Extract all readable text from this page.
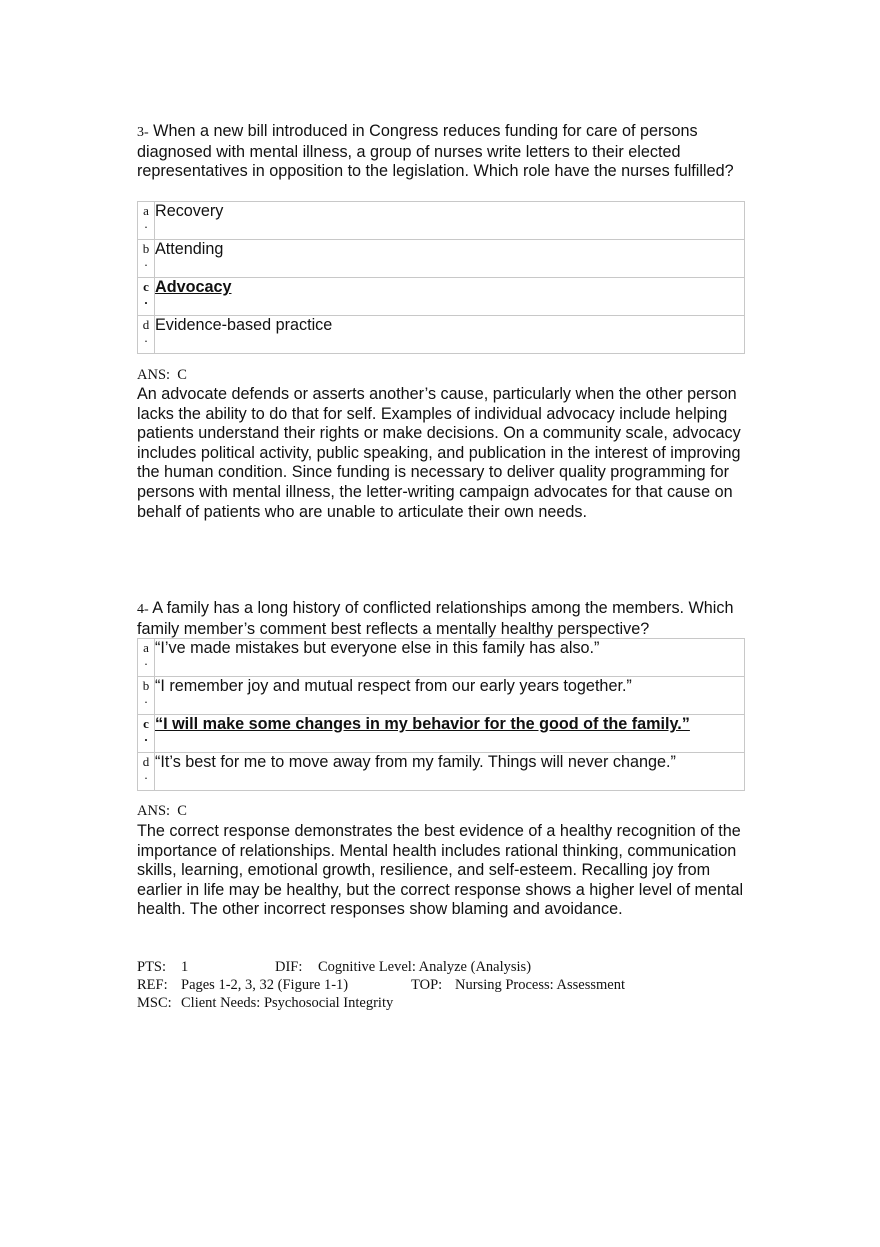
3- When a new bill introduced in Congress reduces funding for care of persons diagnosed with mental illness, a group of nurses write letters to their elected representatives in opposition to the legislation. Which role have the nurses fulfilled?
a
.	Recovery
b
.	Attending
c
.	Advocacy
d
.	Evidence-based practice
ANS: C
An advocate defends or asserts another’s cause, particularly when the other person lacks the ability to do that for self. Examples of individual advocacy include helping patients understand their rights or make decisions. On a community scale, advocacy includes political activity, public speaking, and publication in the interest of improving the human condition. Since funding is necessary to deliver quality programming for persons with mental illness, the letter-writing campaign advocates for that cause on behalf of patients who are unable to articulate their own needs.
4- A family has a long history of conflicted relationships among the members. Which family member’s comment best reflects a mentally healthy perspective?
a
.	“I’ve made mistakes but everyone else in this family has also.”
b
.	“I remember joy and mutual respect from our early years together.”
c
.	“I will make some changes in my behavior for the good of the family.”
d
.	“It’s best for me to move away from my family. Things will never change.”
ANS: C
The correct response demonstrates the best evidence of a healthy recognition of the importance of relationships. Mental health includes rational thinking, communication skills, learning, emotional growth, resilience, and self-esteem. Recalling joy from earlier in life may be healthy, but the correct response shows a higher level of mental health. The other incorrect responses show blaming and avoidance.
PTS: 1	DIF: Cognitive Level: Analyze (Analysis)
REF: Pages 1-2, 3, 32 (Figure 1-1)	TOP: Nursing Process: Assessment
MSC: Client Needs: Psychosocial Integrity
